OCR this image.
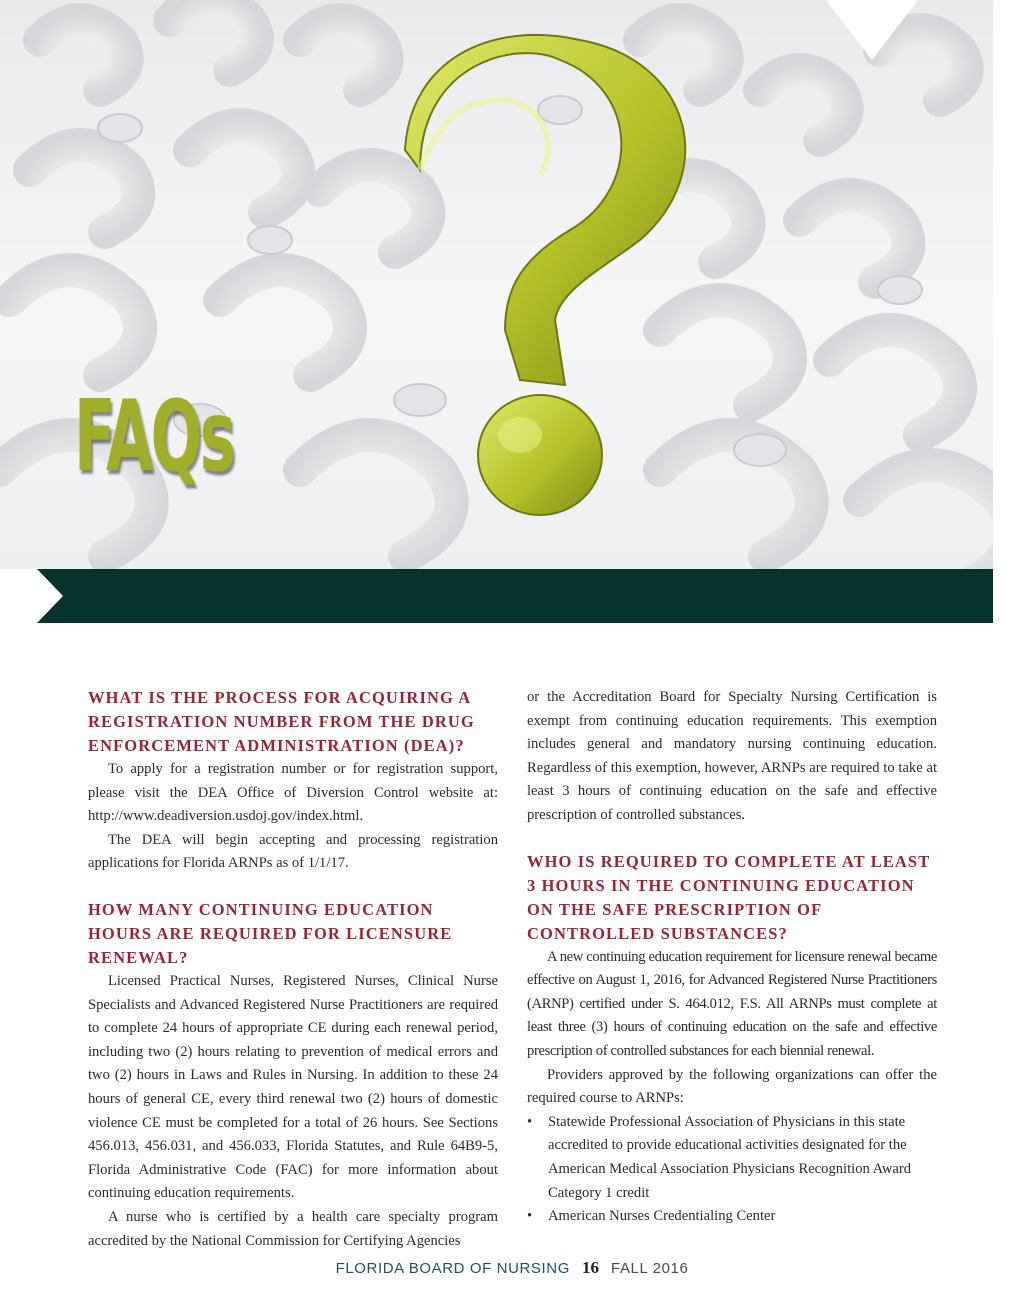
FAQs
WHAT IS THE PROCESS FOR ACQUIRING A REGISTRATION NUMBER FROM THE DRUG ENFORCEMENT ADMINISTRATION (DEA)?

To apply for a registration number or for registration support, please visit the DEA Office of Diversion Control website at: http://www.deadiversion.usdoj.gov/index.html.

The DEA will begin accepting and processing registration applications for Florida ARNPs as of 1/1/17.

HOW MANY CONTINUING EDUCATION HOURS ARE REQUIRED FOR LICENSURE RENEWAL?

Licensed Practical Nurses, Registered Nurses, Clinical Nurse Specialists and Advanced Registered Nurse Practitioners are required to complete 24 hours of appropriate CE during each renewal period, including two (2) hours relating to prevention of medical errors and two (2) hours in Laws and Rules in Nursing. In addition to these 24 hours of general CE, every third renewal two (2) hours of domestic violence CE must be completed for a total of 26 hours. See Sections 456.013, 456.031, and 456.033, Florida Statutes, and Rule 64B9-5, Florida Administrative Code (FAC) for more information about continuing education requirements.

A nurse who is certified by a health care specialty program accredited by the National Commission for Certifying Agencies

or the Accreditation Board for Specialty Nursing Certification is exempt from continuing education requirements. This exemption includes general and mandatory nursing continuing education. Regardless of this exemption, however, ARNPs are required to take at least 3 hours of continuing education on the safe and effective prescription of controlled substances.

WHO IS REQUIRED TO COMPLETE AT LEAST 3 HOURS IN THE CONTINUING EDUCATION ON THE SAFE PRESCRIPTION OF CONTROLLED SUBSTANCES?

A new continuing education requirement for licensure renewal became effective on August 1, 2016, for Advanced Registered Nurse Practitioners (ARNP) certified under S. 464.012, F.S. All ARNPs must complete at least three (3) hours of continuing education on the safe and effective prescription of controlled substances for each biennial renewal.

Providers approved by the following organizations can offer the required course to ARNPs:

• Statewide Professional Association of Physicians in this state accredited to provide educational activities designated for the American Medical Association Physicians Recognition Award Category 1 credit
• American Nurses Credentialing Center
FLORIDA BOARD OF NURSING 16 FALL 2016
